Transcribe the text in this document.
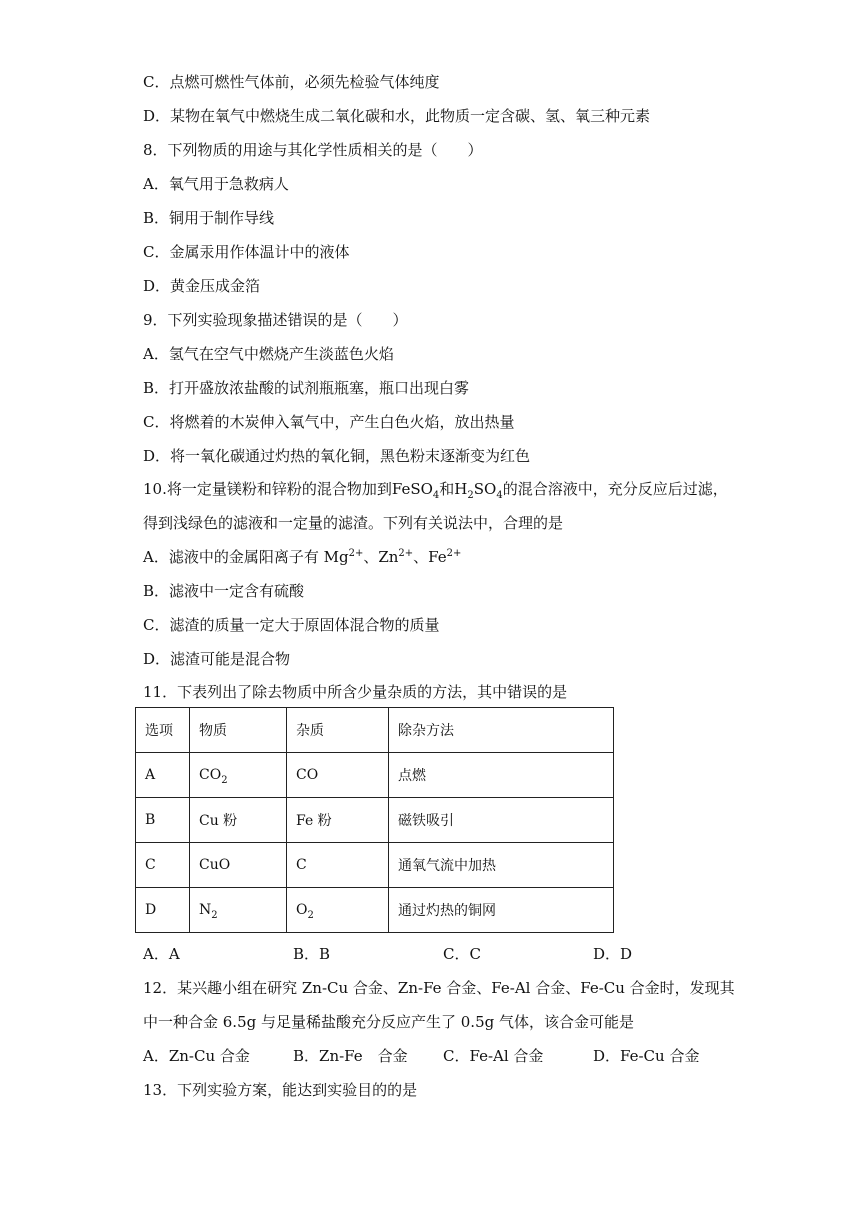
C．点燃可燃性气体前，必须先检验气体纯度
D．某物在氧气中燃烧生成二氧化碳和水，此物质一定含碳、氢、氧三种元素
8．下列物质的用途与其化学性质相关的是（　　）
A．氧气用于急救病人
B．铜用于制作导线
C．金属汞用作体温计中的液体
D．黄金压成金箔
9．下列实验现象描述错误的是（　　）
A．氢气在空气中燃烧产生淡蓝色火焰
B．打开盛放浓盐酸的试剂瓶瓶塞，瓶口出现白雾
C．将燃着的木炭伸入氧气中，产生白色火焰，放出热量
D．将一氧化碳通过灼热的氧化铜，黑色粉末逐渐变为红色
10.将一定量镁粉和锌粉的混合物加到FeSO$_4$和$H_2SO_4$的混合溶液中，充分反应后过滤，
得到浅绿色的滤液和一定量的滤渣。下列有关说法中，合理的是
A．滤液中的金属阳离子有 $Mg^{2+}$、$Zn^{2+}$、$Fe^{2+}$
B．滤液中一定含有硫酸
C．滤渣的质量一定大于原固体混合物的质量
D．滤渣可能是混合物
11．下表列出了除去物质中所含少量杂质的方法，其中错误的是
选项	物质	杂质	除杂方法
A	$CO_2$	CO	点燃
B	Cu 粉	Fe 粉	磁铁吸引
C	CuO	C	通氧气流中加热
D	$N_2$	$O_2$	通过灼热的铜网
A．A	B．B	C．C	D．D
12．某兴趣小组在研究 Zn-Cu 合金、Zn-Fe 合金、Fe-Al 合金、Fe-Cu 合金时，发现其
中一种合金 6.5g 与足量稀盐酸充分反应产生了 0.5g 气体，该合金可能是
A．Zn-Cu 合金	B．Zn-Fe　合金 C．Fe-Al 合金	D．Fe-Cu 合金
13．下列实验方案，能达到实验目的的是
